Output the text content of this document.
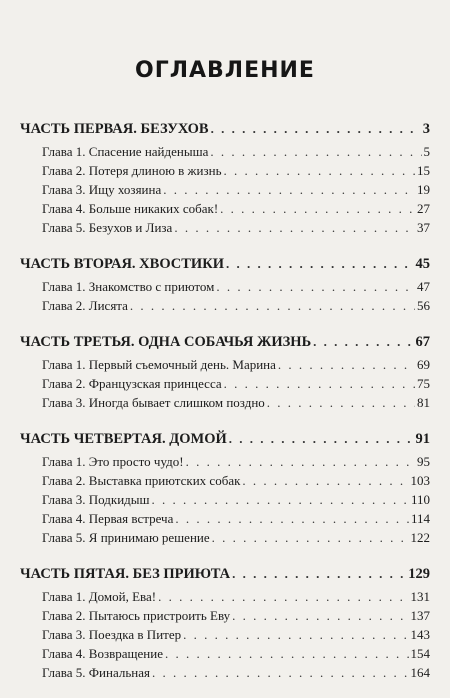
ОГЛАВЛЕНИЕ
ЧАСТЬ ПЕРВАЯ. БЕЗУХОВ . . .	3
Глава 1. Спасение найденыша . . .	5
Глава 2. Потеря длиною в жизнь . . .	15
Глава 3. Ищу хозяина . . .	19
Глава 4. Больше никаких собак! . . .	27
Глава 5. Безухов и Лиза . . .	37
ЧАСТЬ ВТОРАЯ. ХВОСТИКИ . . .	45
Глава 1. Знакомство с приютом . . .	47
Глава 2. Лисята . . .	56
ЧАСТЬ ТРЕТЬЯ. ОДНА СОБАЧЬЯ ЖИЗНЬ . . .	67
Глава 1. Первый съемочный день. Марина . . .	69
Глава 2. Французская принцесса . . .	75
Глава 3. Иногда бывает слишком поздно . . .	81
ЧАСТЬ ЧЕТВЕРТАЯ. ДОМОЙ . . .	91
Глава 1. Это просто чудо! . . .	95
Глава 2. Выставка приютских собак . . .	103
Глава 3. Подкидыш . . .	110
Глава 4. Первая встреча . . .	114
Глава 5. Я принимаю решение . . .	122
ЧАСТЬ ПЯТАЯ. БЕЗ ПРИЮТА . . .	129
Глава 1. Домой, Ева! . . .	131
Глава 2. Пытаюсь пристроить Еву . . .	137
Глава 3. Поездка в Питер . . .	143
Глава 4. Возвращение . . .	154
Глава 5. Финальная . . .	164
